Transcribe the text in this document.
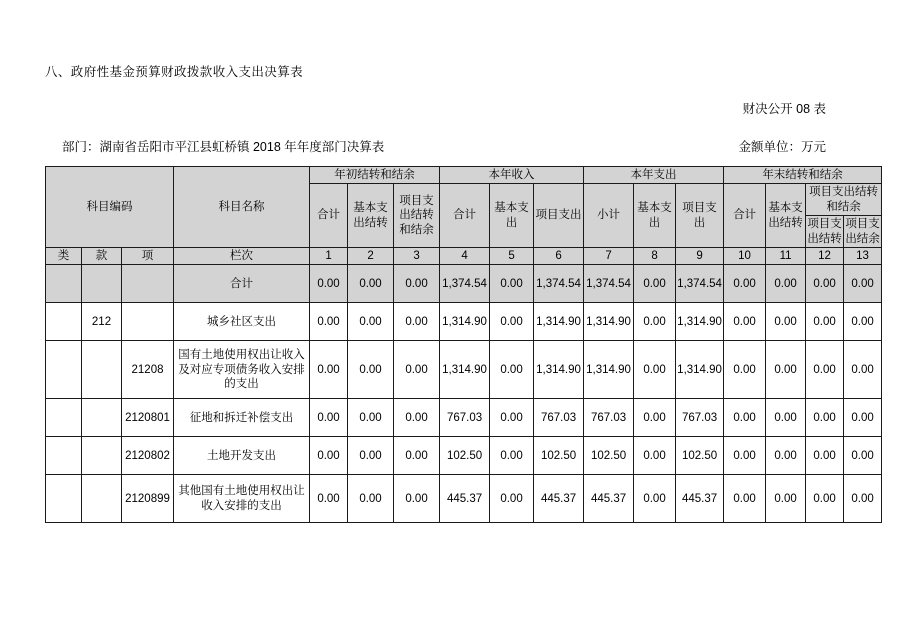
八、政府性基金预算财政拨款收入支出决算表
财决公开 08 表
部门：湖南省岳阳市平江县虹桥镇 2018 年年度部门决算表	金额单位：万元
科目编码			科目名称	年初结转和结余			本年收入			本年支出			年末结转和结余			
				合计	基本支出结转	项目支出结转和结余	合计	基本支出	项目支出	小计	基本支出	项目支出	合计	基本支出结转	项目支出结转和结余	
															项目支出结转	项目支出结余
类	款	项	栏次	1	2	3	4	5	6	7	8	9	10	11	12	13
			合计	0.00	0.00	0.00	1,374.54	0.00	1,374.54	1,374.54	0.00	1,374.54	0.00	0.00	0.00	0.00
	212		城乡社区支出	0.00	0.00	0.00	1,314.90	0.00	1,314.90	1,314.90	0.00	1,314.90	0.00	0.00	0.00	0.00
		21208	国有土地使用权出让收入及对应专项债务收入安排的支出	0.00	0.00	0.00	1,314.90	0.00	1,314.90	1,314.90	0.00	1,314.90	0.00	0.00	0.00	0.00
		2120801	征地和拆迁补偿支出	0.00	0.00	0.00	767.03	0.00	767.03	767.03	0.00	767.03	0.00	0.00	0.00	0.00
		2120802	土地开发支出	0.00	0.00	0.00	102.50	0.00	102.50	102.50	0.00	102.50	0.00	0.00	0.00	0.00
		2120899	其他国有土地使用权出让收入安排的支出	0.00	0.00	0.00	445.37	0.00	445.37	445.37	0.00	445.37	0.00	0.00	0.00	0.00
